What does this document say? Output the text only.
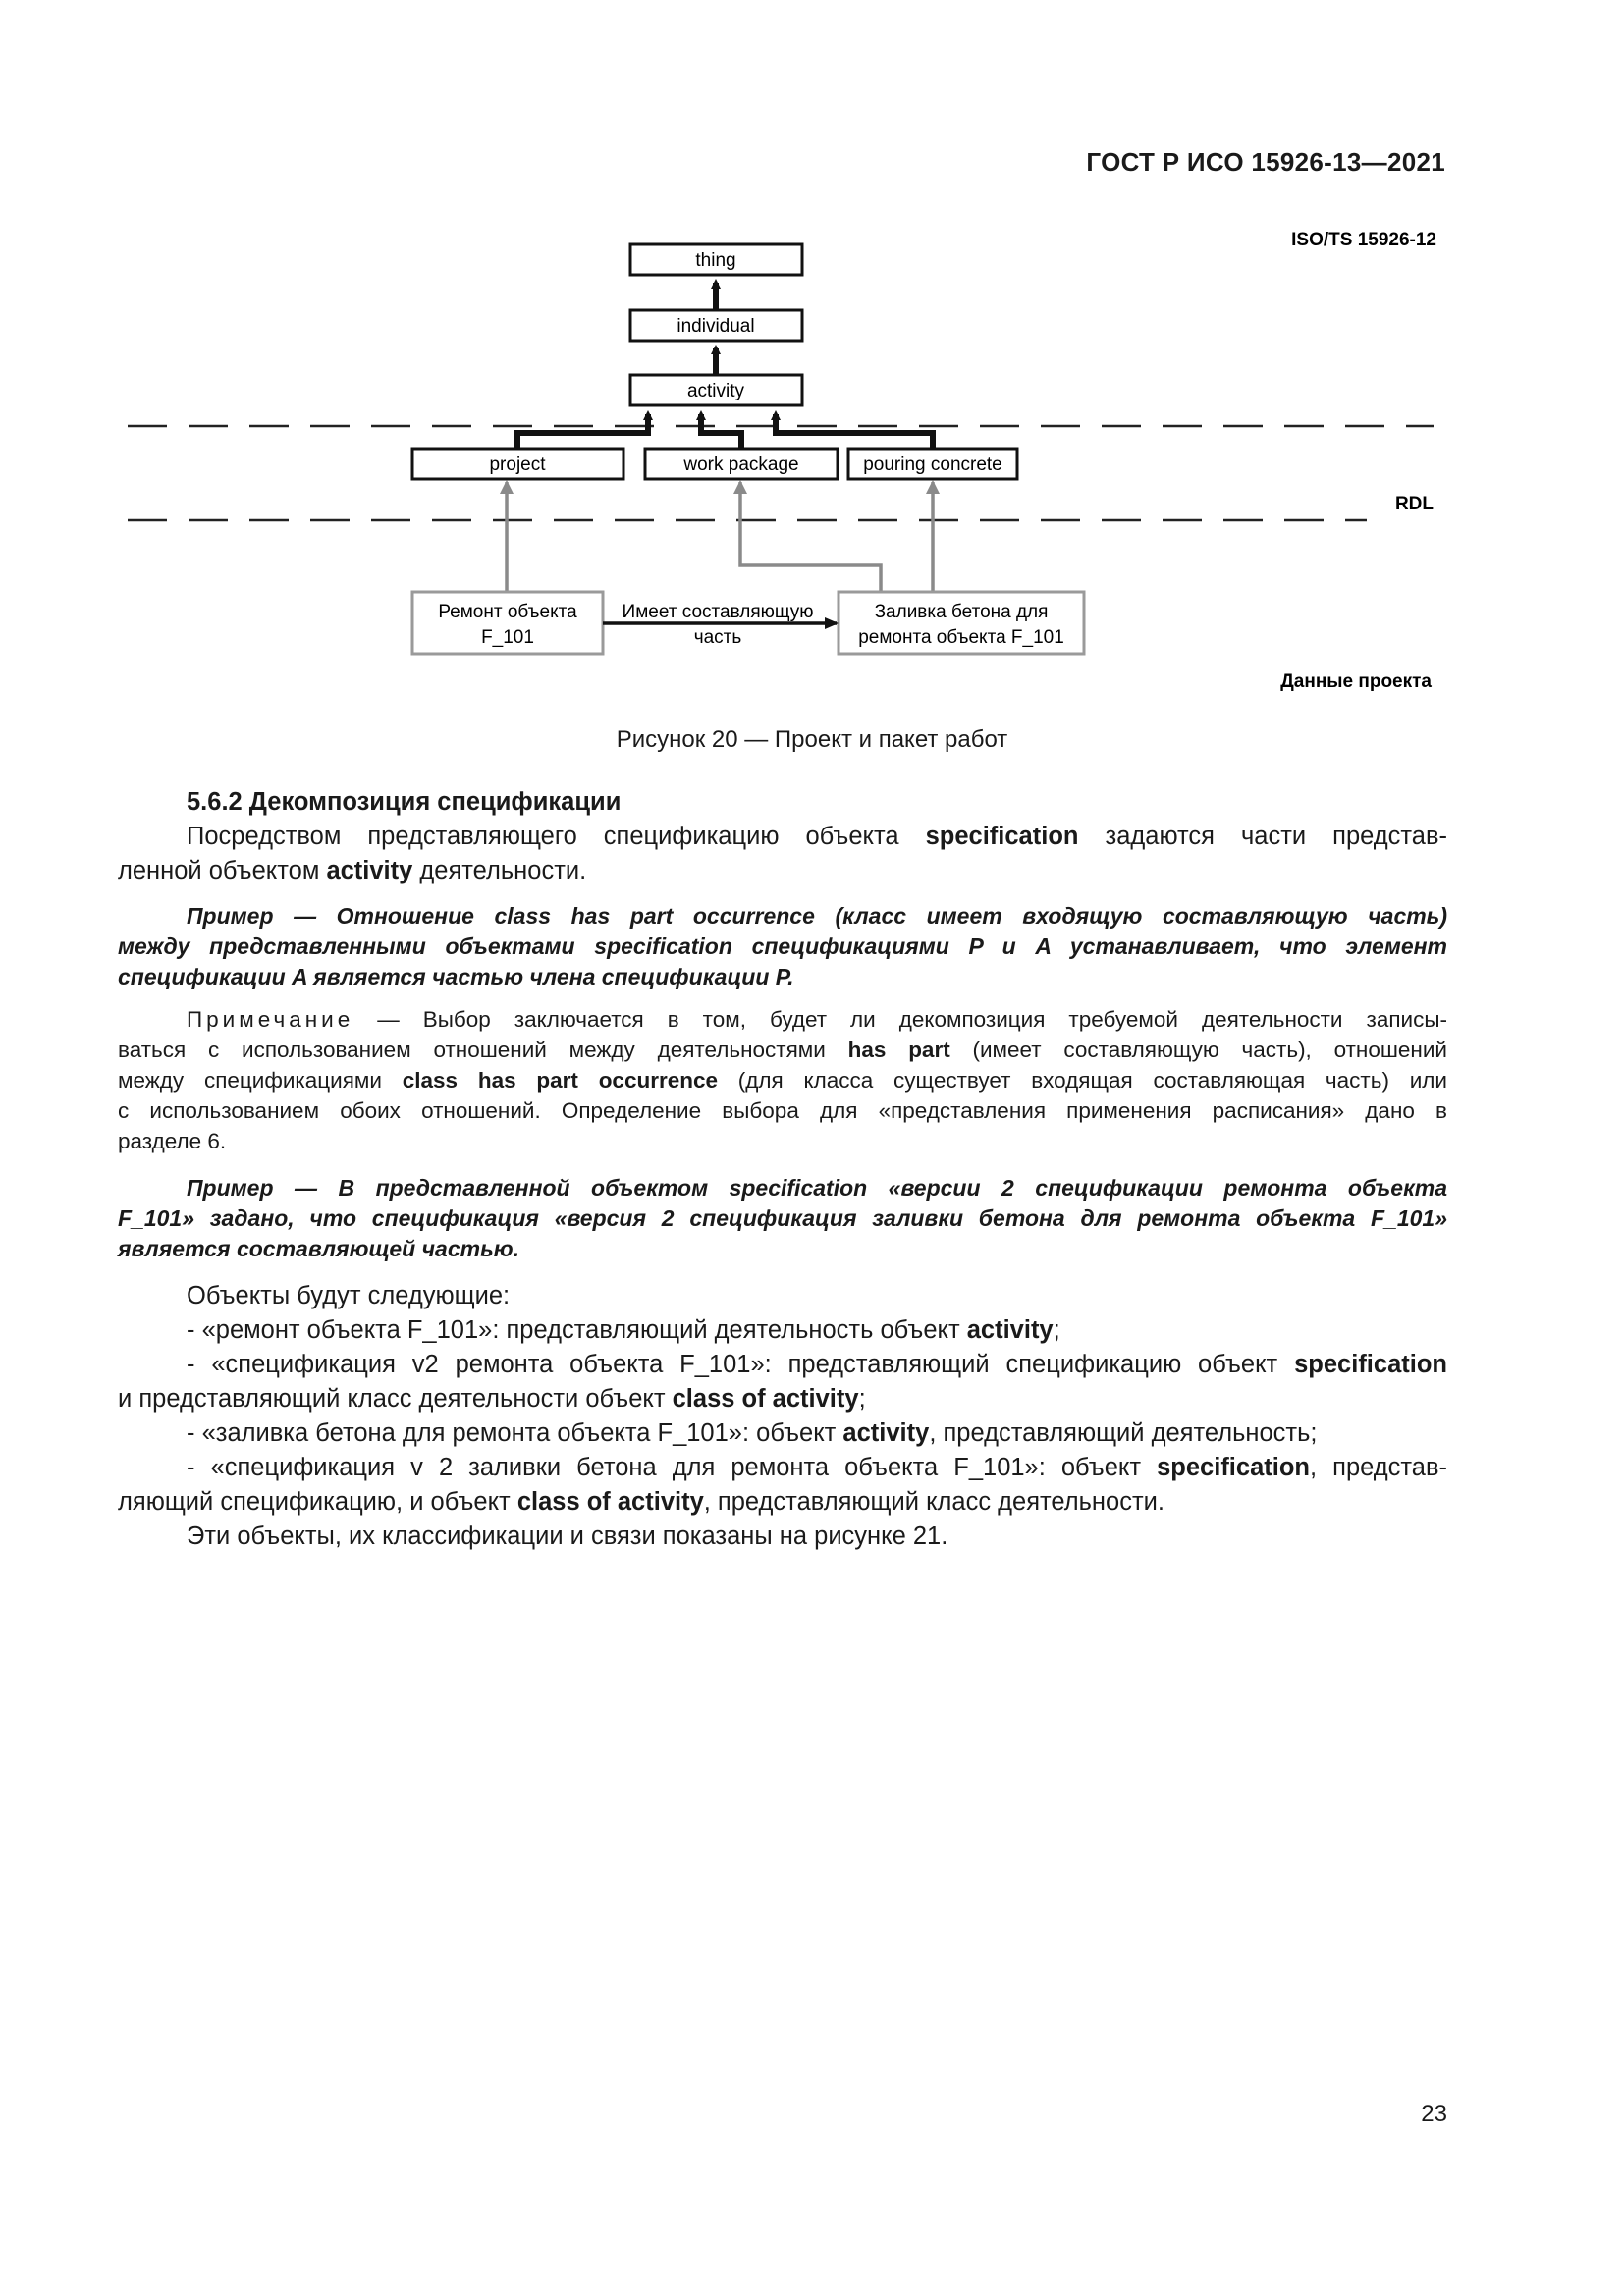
ГОСТ Р ИСО 15926-13—2021
ISO/TS 15926-12
RDL
Данные проекта
thing
individual
activity
project	work package	pouring concrete
Ремонт объекта
F_101
Заливка бетона для
ремонта объекта F_101
Имеет составляющую
часть
Рисунок 20 — Проект и пакет работ

5.6.2 Декомпозиция спецификации

Посредством представляющего спецификацию объекта specification задаются части представ-

ленной объектом activity деятельности.

Пример — Отношение class has part occurrence (класс имеет входящую составляющую часть)

между представленными объектами specification спецификациями P и A устанавливает, что элемент

спецификации A является частью члена спецификации P.

Примечание — Выбор заключается в том, будет ли декомпозиция требуемой деятельности записы-

ваться с использованием отношений между деятельностями has part (имеет составляющую часть), отношений

между спецификациями class has part occurrence (для класса существует входящая составляющая часть) или

с использованием обоих отношений. Определение выбора для «представления применения расписания» дано в

разделе 6.

Пример — В представленной объектом specification «версии 2 спецификации ремонта объекта

F_101» задано, что спецификация «версия 2 спецификация заливки бетона для ремонта объекта F_101»

является составляющей частью.

Объекты будут следующие:

- «ремонт объекта F_101»: представляющий деятельность объект activity;

- «спецификация v2 ремонта объекта F_101»: представляющий спецификацию объект specification

и представляющий класс деятельности объект class of activity;

- «заливка бетона для ремонта объекта F_101»: объект activity, представляющий деятельность;

- «спецификация v 2 заливки бетона для ремонта объекта F_101»: объект specification, представ-

ляющий спецификацию, и объект class of activity, представляющий класс деятельности.

Эти объекты, их классификации и связи показаны на рисунке 21.

23
